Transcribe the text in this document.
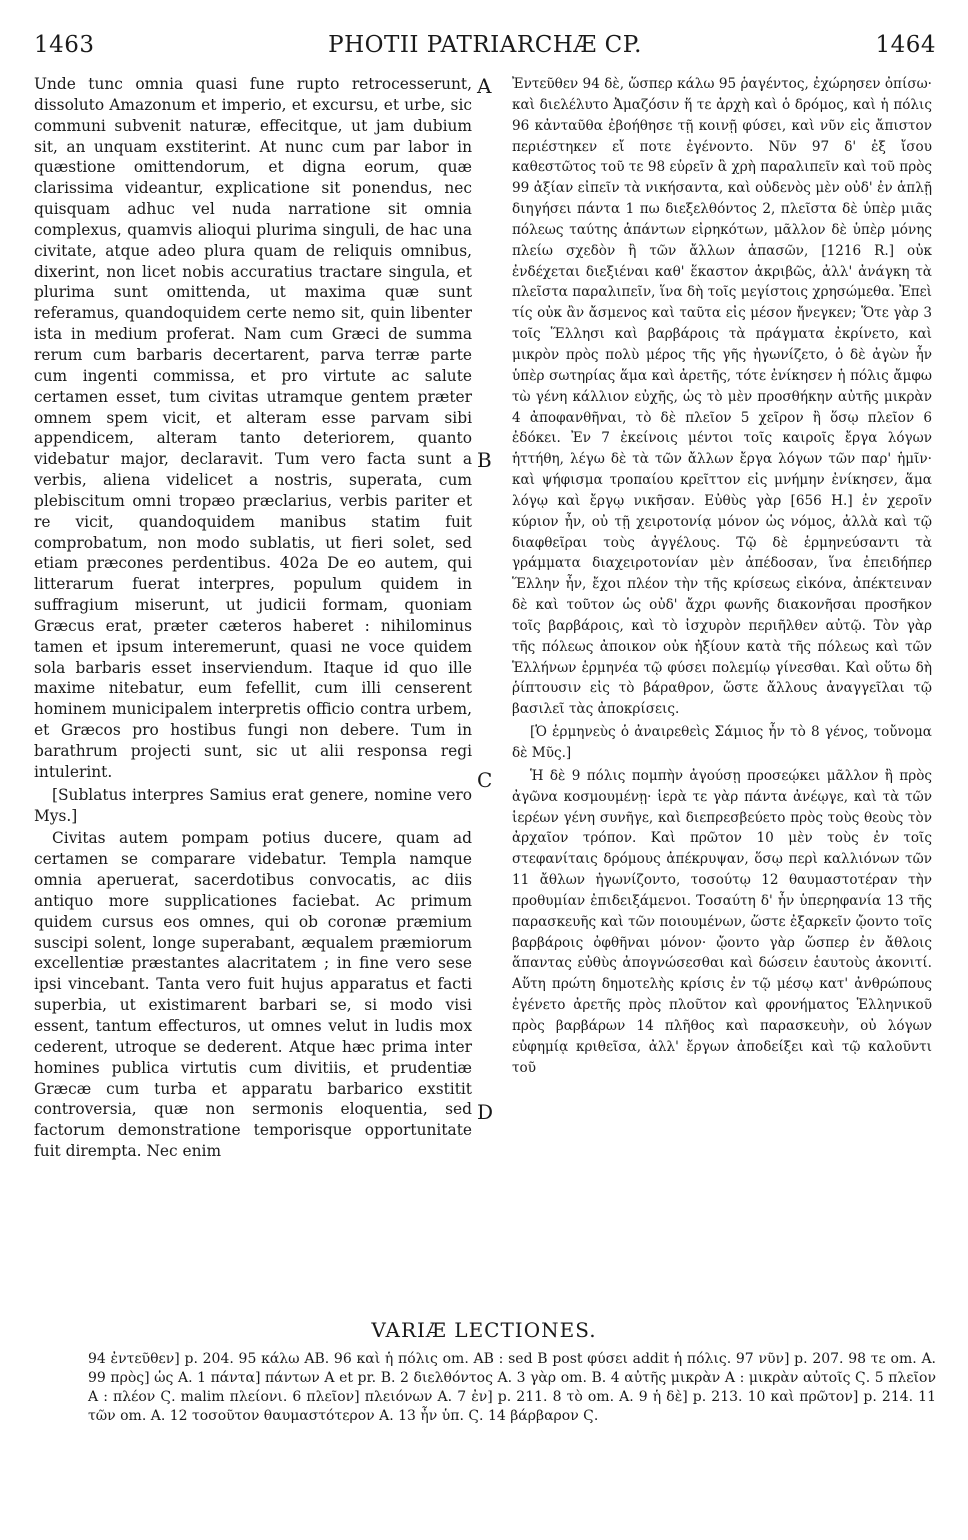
1463	PHOTII PATRIARCHÆ CP.	1464

Unde tunc omnia quasi fune rupto retrocesserunt, dissoluto Amazonum et imperio, et excursu, et urbe, sic communi subvenit naturæ, effecitque, ut jam dubium sit, an unquam exstiterint. At nunc cum par labor in quæstione omittendorum, et digna eorum, quæ clarissima videantur, explicatione sit ponendus, nec quisquam adhuc vel nuda narratione sit omnia complexus, quamvis alioqui plurima singuli, de hac una civitate, atque adeo plura quam de reliquis omnibus, dixerint, non licet nobis accuratius tractare singula, et plurima sunt omittenda, ut maxima quæ sunt referamus, quandoquidem certe nemo sit, quin libenter ista in medium proferat. Nam cum Græci de summa rerum cum barbaris decertarent, parva terræ parte cum ingenti commissa, et pro virtute ac salute certamen esset, tum civitas utramque gentem præter omnem spem vicit, et alteram esse parvam sibi appendicem, alteram tanto deteriorem, quanto videbatur major, declaravit. Tum vero facta sunt a verbis, aliena videlicet a nostris, superata, cum plebiscitum omni tropæo præclarius, verbis pariter et re vicit, quandoquidem manibus statim fuit comprobatum, non modo sublatis, ut fieri solet, sed etiam præcones perdentibus. 402a De eo autem, qui litterarum fuerat interpres, populum quidem in suffragium miserunt, ut judicii formam, quoniam Græcus erat, præter cæteros haberet : nihilominus tamen et ipsum interemerunt, quasi ne voce quidem sola barbaris esset inserviendum. Itaque id quo ille maxime nitebatur, eum fefellit, cum illi censerent hominem municipalem interpretis officio contra urbem, et Græcos pro hostibus fungi non debere. Tum in barathrum projecti sunt, sic ut alii responsa regi intulerint.

[Sublatus interpres Samius erat genere, nomine vero Mys.]

Civitas autem pompam potius ducere, quam ad certamen se comparare videbatur. Templa namque omnia aperuerat, sacerdotibus convocatis, ac diis antiquo more supplicationes faciebat. Ac primum quidem cursus eos omnes, qui ob coronæ præmium suscipi solent, longe superabant, æqualem præmiorum excellentiæ præstantes alacritatem ; in fine vero sese ipsi vincebant. Tanta vero fuit hujus apparatus et facti superbia, ut existimarent barbari se, si modo visi essent, tantum effecturos, ut omnes velut in ludis mox cederent, utroque se dederent. Atque hæc prima inter homines publica virtutis cum divitiis, et prudentiæ Græcæ cum turba et apparatu barbarico exstitit controversia, quæ non sermonis eloquentia, sed factorum demonstratione temporisque opportunitate fuit dirempta. Nec enim

A
B
C
D

Ἐντεῦθεν 94 δὲ, ὥσπερ κάλω 95 ῥαγέντος, ἐχώρησεν ὀπίσω· καὶ διελέλυτο Ἀμαζόσιν ἥ τε ἀρχὴ καὶ ὁ δρόμος, καὶ ἡ πόλις 96 κἀνταῦθα ἐβοήθησε τῇ κοινῇ φύσει, καὶ νῦν εἰς ἄπιστον περιέστηκεν εἴ ποτε ἐγένοντο. Νῦν 97 δ' ἐξ ἴσου καθεστῶτος τοῦ τε 98 εὑρεῖν ἃ χρὴ παραλιπεῖν καὶ τοῦ πρὸς 99 ἀξίαν εἰπεῖν τὰ νικήσαντα, καὶ οὐδενὸς μὲν οὐδ' ἐν ἁπλῇ διηγήσει πάντα 1 πω διεξελθόντος 2, πλεῖστα δὲ ὑπὲρ μιᾶς πόλεως ταύτης ἁπάντων εἰρηκότων, μᾶλλον δὲ ὑπὲρ μόνης πλείω σχεδὸν ἢ τῶν ἄλλων ἁπασῶν, [1216 R.] οὐκ ἐνδέχεται διεξιέναι καθ' ἕκαστον ἀκριβῶς, ἀλλ' ἀνάγκη τὰ πλεῖστα παραλιπεῖν, ἵνα δὴ τοῖς μεγίστοις χρησώμεθα. Ἐπεὶ τίς οὐκ ἂν ἄσμενος καὶ ταῦτα εἰς μέσον ἤνεγκεν; Ὅτε γὰρ 3 τοῖς Ἕλλησι καὶ βαρβάροις τὰ πράγματα ἐκρίνετο, καὶ μικρὸν πρὸς πολὺ μέρος τῆς γῆς ἠγωνίζετο, ὁ δὲ ἀγὼν ἦν ὑπὲρ σωτηρίας ἅμα καὶ ἀρετῆς, τότε ἐνίκησεν ἡ πόλις ἄμφω τὼ γένη κάλλιον εὐχῆς, ὡς τὸ μὲν προσθήκην αὐτῆς μικρὰν 4 ἀποφανθῆναι, τὸ δὲ πλεῖον 5 χεῖρον ἢ ὅσῳ πλεῖον 6 ἐδόκει. Ἐν 7 ἐκείνοις μέντοι τοῖς καιροῖς ἔργα λόγων ἡττήθη, λέγω δὲ τὰ τῶν ἄλλων ἔργα λόγων τῶν παρ' ἡμῖν· καὶ ψήφισμα τροπαίου κρεῖττον εἰς μνήμην ἐνίκησεν, ἅμα λόγῳ καὶ ἔργῳ νικῆσαν. Εὐθὺς γὰρ [656 H.] ἐν χεροῖν κύριον ἦν, οὐ τῇ χειροτονίᾳ μόνον ὡς νόμος, ἀλλὰ καὶ τῷ διαφθεῖραι τοὺς ἀγγέλους. Τῷ δὲ ἑρμηνεύσαντι τὰ γράμματα διαχειροτονίαν μὲν ἀπέδοσαν, ἵνα ἐπειδήπερ Ἕλλην ἦν, ἔχοι πλέον τὴν τῆς κρίσεως εἰκόνα, ἀπέκτειναν δὲ καὶ τοῦτον ὡς οὐδ' ἄχρι φωνῆς διακονῆσαι προσῆκον τοῖς βαρβάροις, καὶ τὸ ἰσχυρὸν περιῆλθεν αὐτῷ. Τὸν γὰρ τῆς πόλεως ἀποικον οὐκ ἠξίουν κατὰ τῆς πόλεως καὶ τῶν Ἑλλήνων ἑρμηνέα τῷ φύσει πολεμίῳ γίνεσθαι. Καὶ οὕτω δὴ ῥίπτουσιν εἰς τὸ βάραθρον, ὥστε ἄλλους ἀναγγεῖλαι τῷ βασιλεῖ τὰς ἀποκρίσεις.

[Ὁ ἑρμηνεὺς ὁ ἀναιρεθεὶς Σάμιος ἦν τὸ 8 γένος, τοὔνομα δὲ Μῦς.]

Ἡ δὲ 9 πόλις πομπὴν ἀγούσῃ προσεῴκει μᾶλλον ἢ πρὸς ἀγῶνα κοσμουμένῃ· ἱερὰ τε γὰρ πάντα ἀνέῳγε, καὶ τὰ τῶν ἱερέων γένη συνῆγε, καὶ διεπρεσβεύετο πρὸς τοὺς θεοὺς τὸν ἀρχαῖον τρόπον. Καὶ πρῶτον 10 μὲν τοὺς ἐν τοῖς στεφανίταις δρόμους ἀπέκρυψαν, ὅσῳ περὶ καλλιόνων τῶν 11 ἄθλων ἠγωνίζοντο, τοσούτῳ 12 θαυμαστοτέραν τὴν προθυμίαν ἐπιδειξάμενοι. Τοσαύτη δ' ἦν ὑπερηφανία 13 τῆς παρασκευῆς καὶ τῶν ποιουμένων, ὥστε ἐξαρκεῖν ᾤοντο τοῖς βαρβάροις ὀφθῆναι μόνον· ᾤοντο γὰρ ὥσπερ ἐν ἄθλοις ἅπαντας εὐθὺς ἀπογνώσεσθαι καὶ δώσειν ἑαυτοὺς ἀκονιτί. Αὕτη πρώτη δημοτελὴς κρίσις ἐν τῷ μέσῳ κατ' ἀνθρώπους ἐγένετο ἀρετῆς πρὸς πλοῦτον καὶ φρονήματος Ἑλληνικοῦ πρὸς βαρβάρων 14 πλῆθος καὶ παρασκευὴν, οὐ λόγων εὐφημίᾳ κριθεῖσα, ἀλλ' ἔργων ἀποδείξει καὶ τῷ καλοῦντι τοῦ

VARIÆ LECTIONES.
94 ἐντεῦθεν] p. 204. 95 κάλω AB. 96 καὶ ἡ πόλις om. AB : sed B post φύσει addit ἡ πόλις. 97 νῦν] p. 207. 98 τε om. A. 99 πρὸς] ὡς A. 1 πάντα] πάντων A et pr. B. 2 διελθόντος A. 3 γὰρ om. B. 4 αὐτῆς μικρὰν A : μικρὰν αὐτοῖς Ϛ. 5 πλεῖον A : πλέον Ϛ. malim πλείονι. 6 πλεῖον] πλειόνων A. 7 ἐν] p. 211. 8 τὸ om. A. 9 ἡ δὲ] p. 213. 10 καὶ πρῶτον] p. 214. 11 τῶν om. A. 12 τοσοῦτον θαυμαστότερον A. 13 ἦν ὑπ. Ϛ. 14 βάρβαρον Ϛ.
